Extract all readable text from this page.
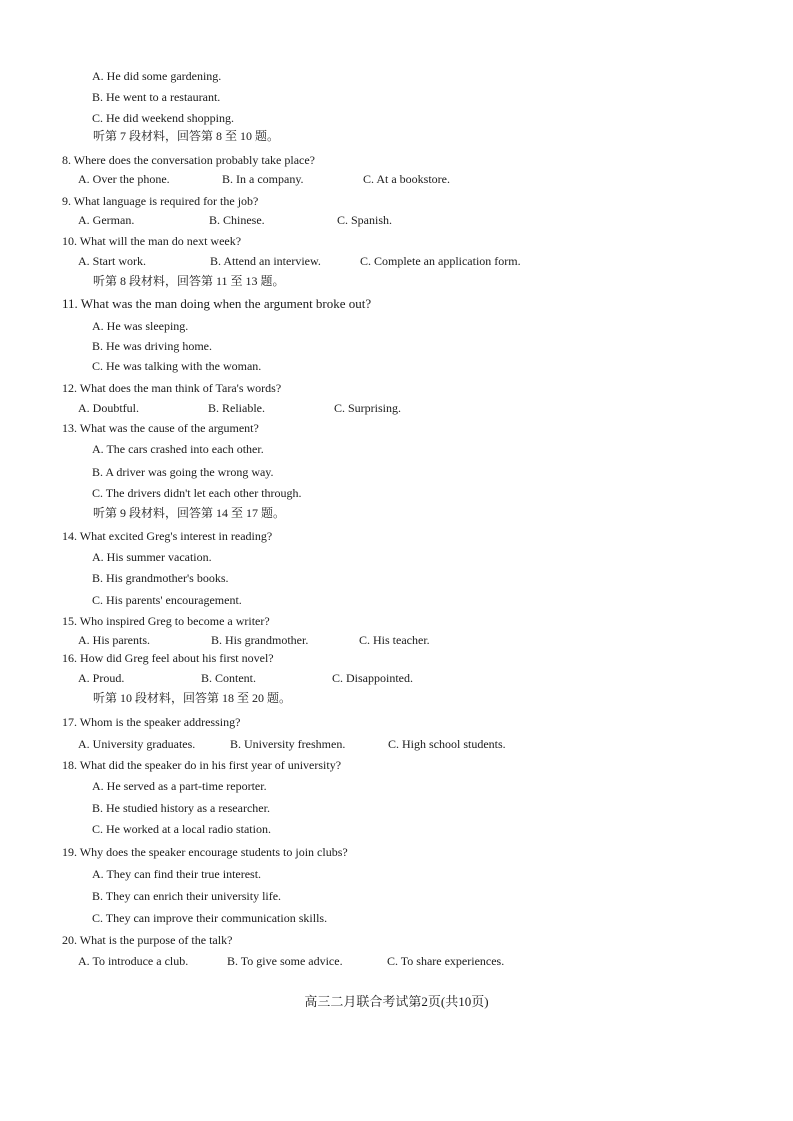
A. He did some gardening.
B. He went to a restaurant.
C. He did weekend shopping.
听第 7 段材料，回答第 8 至 10 题。
8. Where does the conversation probably take place?
A. Over the phone.	B. In a company.	C. At a bookstore.
9. What language is required for the job?
A. German.	B. Chinese.	C. Spanish.
10. What will the man do next week?
A. Start work.	B. Attend an interview.	C. Complete an application form.
听第 8 段材料，回答第 11 至 13 题。
11. What was the man doing when the argument broke out?
A. He was sleeping.
B. He was driving home.
C. He was talking with the woman.
12. What does the man think of Tara's words?
A. Doubtful.	B. Reliable.	C. Surprising.
13. What was the cause of the argument?
A. The cars crashed into each other.
B. A driver was going the wrong way.
C. The drivers didn't let each other through.
听第 9 段材料，回答第 14 至 17 题。
14. What excited Greg's interest in reading?
A. His summer vacation.
B. His grandmother's books.
C. His parents' encouragement.
15. Who inspired Greg to become a writer?
A. His parents.	B. His grandmother.	C. His teacher.
16. How did Greg feel about his first novel?
A. Proud.	B. Content.	C. Disappointed.
听第 10 段材料，回答第 18 至 20 题。
17. Whom is the speaker addressing?
A. University graduates.	B. University freshmen.	C. High school students.
18. What did the speaker do in his first year of university?
A. He served as a part-time reporter.
B. He studied history as a researcher.
C. He worked at a local radio station.
19. Why does the speaker encourage students to join clubs?
A. They can find their true interest.
B. They can enrich their university life.
C. They can improve their communication skills.
20. What is the purpose of the talk?
A. To introduce a club.	B. To give some advice.	C. To share experiences.
高三二月联合考试第2页(共10页)
